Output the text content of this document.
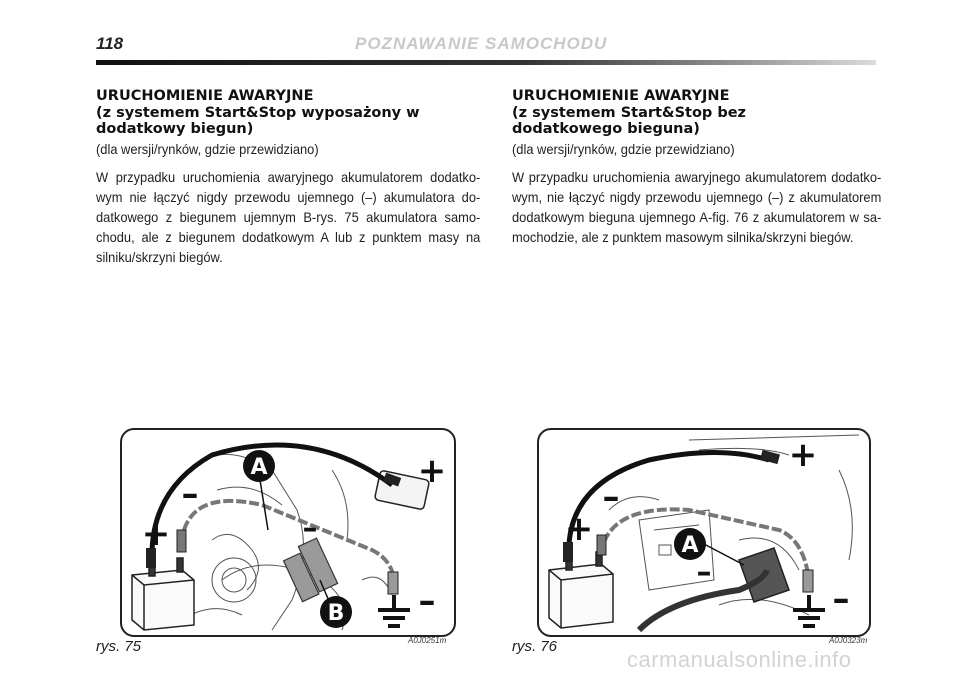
118	POZNAWANIE SAMOCHODU

URUCHOMIENIE AWARYJNE
(z systemem Start&Stop wyposażony w
dodatkowy biegun)

(dla wersji/rynków, gdzie przewidziano)

W przypadku uruchomienia awaryjnego akumulatorem dodatko-wym nie łączyć nigdy przewodu ujemnego (–) akumulatora do-datkowego z biegunem ujemnym B-rys. 75 akumulatora samo-chodu, ale z biegunem dodatkowym A lub z punktem masy na silniku/skrzyni biegów.

URUCHOMIENIE AWARYJNE
(z systemem Start&Stop bez
dodatkowego bieguna)

(dla wersji/rynków, gdzie przewidziano)

W przypadku uruchomienia awaryjnego akumulatorem dodatko-wym, nie łączyć nigdy przewodu ujemnego (–) z akumulatorem dodatkowym bieguna ujemnego A-fig. 76 z akumulatorem w sa-mochodzie, ale z punktem masowym silnika/skrzyni biegów.

A
B
+
–
+
–
–
rys. 75	A0J0251m
A
+
–
+
–
–
rys. 76	A0J0323m
carmanualsonline.info
